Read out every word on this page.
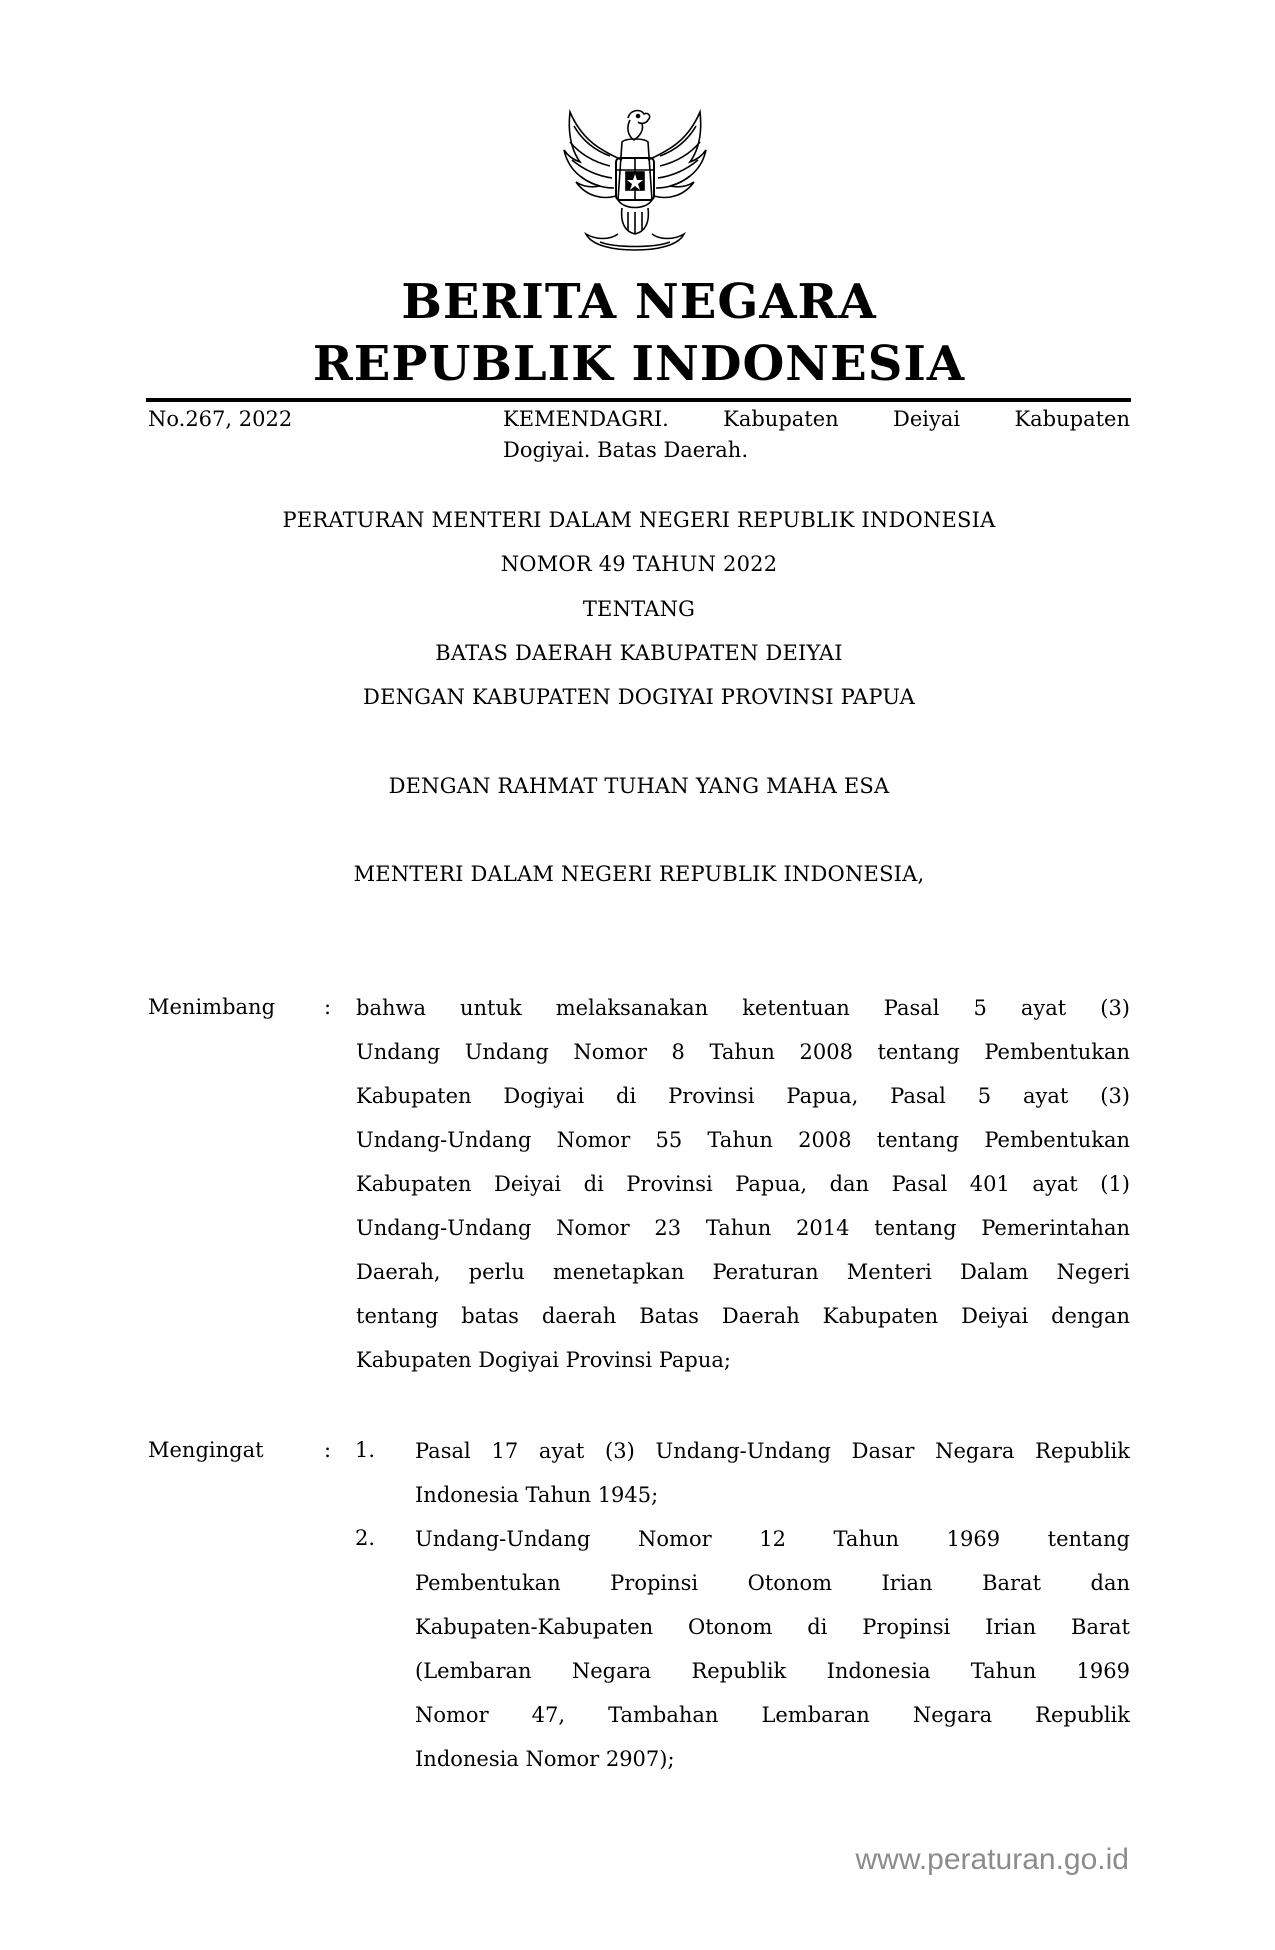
BERITA NEGARA
REPUBLIK INDONESIA
No.267, 2022	KEMENDAGRI.	Kabupaten	Deiyai	Kabupaten
Dogiyai. Batas Daerah.
PERATURAN MENTERI DALAM NEGERI REPUBLIK INDONESIA
NOMOR 49 TAHUN 2022
TENTANG
BATAS DAERAH KABUPATEN DEIYAI
DENGAN KABUPATEN DOGIYAI PROVINSI PAPUA
DENGAN RAHMAT TUHAN YANG MAHA ESA
MENTERI DALAM NEGERI REPUBLIK INDONESIA,
Menimbang : bahwa untuk melaksanakan ketentuan Pasal 5 ayat (3)
Undang Undang Nomor 8 Tahun 2008 tentang Pembentukan
Kabupaten Dogiyai di Provinsi Papua, Pasal 5 ayat (3)
Undang-Undang Nomor 55 Tahun 2008 tentang Pembentukan
Kabupaten Deiyai di Provinsi Papua, dan Pasal 401 ayat (1)
Undang-Undang Nomor 23 Tahun 2014 tentang Pemerintahan
Daerah, perlu menetapkan Peraturan Menteri Dalam Negeri
tentang batas daerah Batas Daerah Kabupaten Deiyai dengan
Kabupaten Dogiyai Provinsi Papua;
Mengingat	: 1. Pasal 17 ayat (3) Undang-Undang Dasar Negara Republik
Indonesia Tahun 1945;
2. Undang-Undang Nomor 12 Tahun 1969 tentang
Pembentukan Propinsi Otonom Irian Barat dan
Kabupaten-Kabupaten Otonom di Propinsi Irian Barat
(Lembaran Negara Republik Indonesia Tahun 1969
Nomor 47, Tambahan Lembaran Negara Republik
Indonesia Nomor 2907);
www.peraturan.go.id
